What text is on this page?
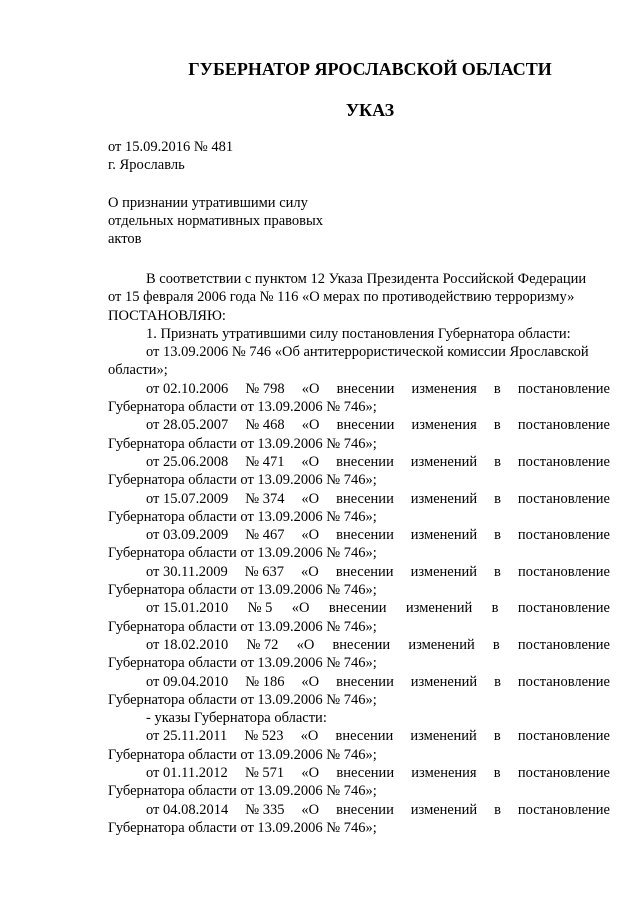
ГУБЕРНАТОР ЯРОСЛАВСКОЙ ОБЛАСТИ
УКАЗ
от 15.09.2016 № 481
г. Ярославль
О признании утратившими силу
отдельных нормативных правовых
актов
В соответствии с пунктом 12 Указа Президента Российской Федерации
от 15 февраля 2006 года № 116 «О мерах по противодействию терроризму»
ПОСТАНОВЛЯЮ:
1. Признать утратившими силу постановления Губернатора области:
от 13.09.2006 № 746 «Об антитеррористической комиссии Ярославской
области»;
от 02.10.2006 № 798 «О внесении изменения в постановление
Губернатора области от 13.09.2006 № 746»;
от 28.05.2007 № 468 «О внесении изменения в постановление
Губернатора области от 13.09.2006 № 746»;
от 25.06.2008 № 471 «О внесении изменений в постановление
Губернатора области от 13.09.2006 № 746»;
от 15.07.2009 № 374 «О внесении изменений в постановление
Губернатора области от 13.09.2006 № 746»;
от 03.09.2009 № 467 «О внесении изменений в постановление
Губернатора области от 13.09.2006 № 746»;
от 30.11.2009 № 637 «О внесении изменений в постановление
Губернатора области от 13.09.2006 № 746»;
от 15.01.2010 № 5 «О внесении изменений в постановление
Губернатора области от 13.09.2006 № 746»;
от 18.02.2010 № 72 «О внесении изменений в постановление
Губернатора области от 13.09.2006 № 746»;
от 09.04.2010 № 186 «О внесении изменений в постановление
Губернатора области от 13.09.2006 № 746»;
- указы Губернатора области:
от 25.11.2011 № 523 «О внесении изменений в постановление
Губернатора области от 13.09.2006 № 746»;
от 01.11.2012 № 571 «О внесении изменения в постановление
Губернатора области от 13.09.2006 № 746»;
от 04.08.2014 № 335 «О внесении изменений в постановление
Губернатора области от 13.09.2006 № 746»;
